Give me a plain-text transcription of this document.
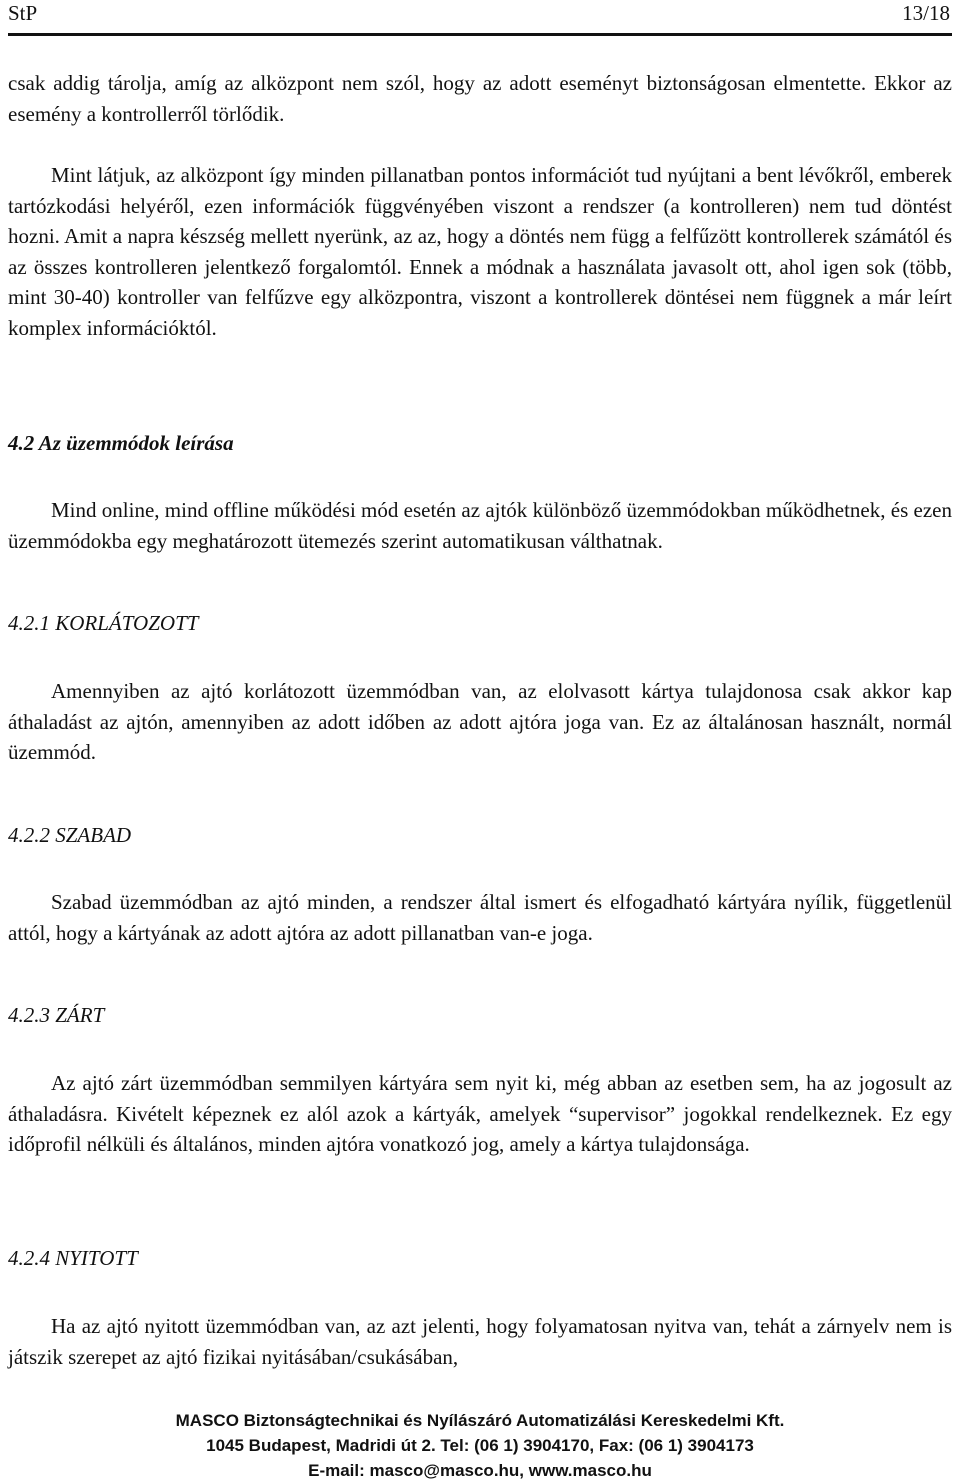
StP	13/18

csak addig tárolja, amíg az alközpont nem szól, hogy az adott eseményt biztonságosan elmentette. Ekkor az esemény a kontrollerről törlődik.

Mint látjuk, az alközpont így minden pillanatban pontos információt tud nyújtani a bent lévőkről, emberek tartózkodási helyéről, ezen információk függvényében viszont a rendszer (a kontrolleren) nem tud döntést hozni. Amit a napra készség mellett nyerünk, az az, hogy a döntés nem függ a felfűzött kontrollerek számától és az összes kontrolleren jelentkező forgalomtól. Ennek a módnak a használata javasolt ott, ahol igen sok (több, mint 30-40) kontroller van felfűzve egy alközpontra, viszont a kontrollerek döntései nem függnek a már leírt komplex információktól.

4.2 Az üzemmódok leírása

Mind online, mind offline működési mód esetén az ajtók különböző üzemmódokban működhetnek, és ezen üzemmódokba egy meghatározott ütemezés szerint automatikusan válthatnak.

4.2.1 KORLÁTOZOTT

Amennyiben az ajtó korlátozott üzemmódban van, az elolvasott kártya tulajdonosa csak akkor kap áthaladást az ajtón, amennyiben az adott időben az adott ajtóra joga van. Ez az általánosan használt, normál üzemmód.

4.2.2 SZABAD

Szabad üzemmódban az ajtó minden, a rendszer által ismert és elfogadható kártyára nyílik, függetlenül attól, hogy a kártyának az adott ajtóra az adott pillanatban van-e joga.

4.2.3 ZÁRT

Az ajtó zárt üzemmódban semmilyen kártyára sem nyit ki, még abban az esetben sem, ha az jogosult az áthaladásra. Kivételt képeznek ez alól azok a kártyák, amelyek “supervisor” jogokkal rendelkeznek. Ez egy időprofil nélküli és általános, minden ajtóra vonatkozó jog, amely a kártya tulajdonsága.

4.2.4 NYITOTT

Ha az ajtó nyitott üzemmódban van, az azt jelenti, hogy folyamatosan nyitva van, tehát a zárnyelv nem is játszik szerepet az ajtó fizikai nyitásában/csukásában,

MASCO Biztonságtechnikai és Nyílászáró Automatizálási Kereskedelmi Kft.
1045 Budapest, Madridi út 2. Tel: (06 1) 3904170, Fax: (06 1) 3904173
E-mail: masco@masco.hu, www.masco.hu
